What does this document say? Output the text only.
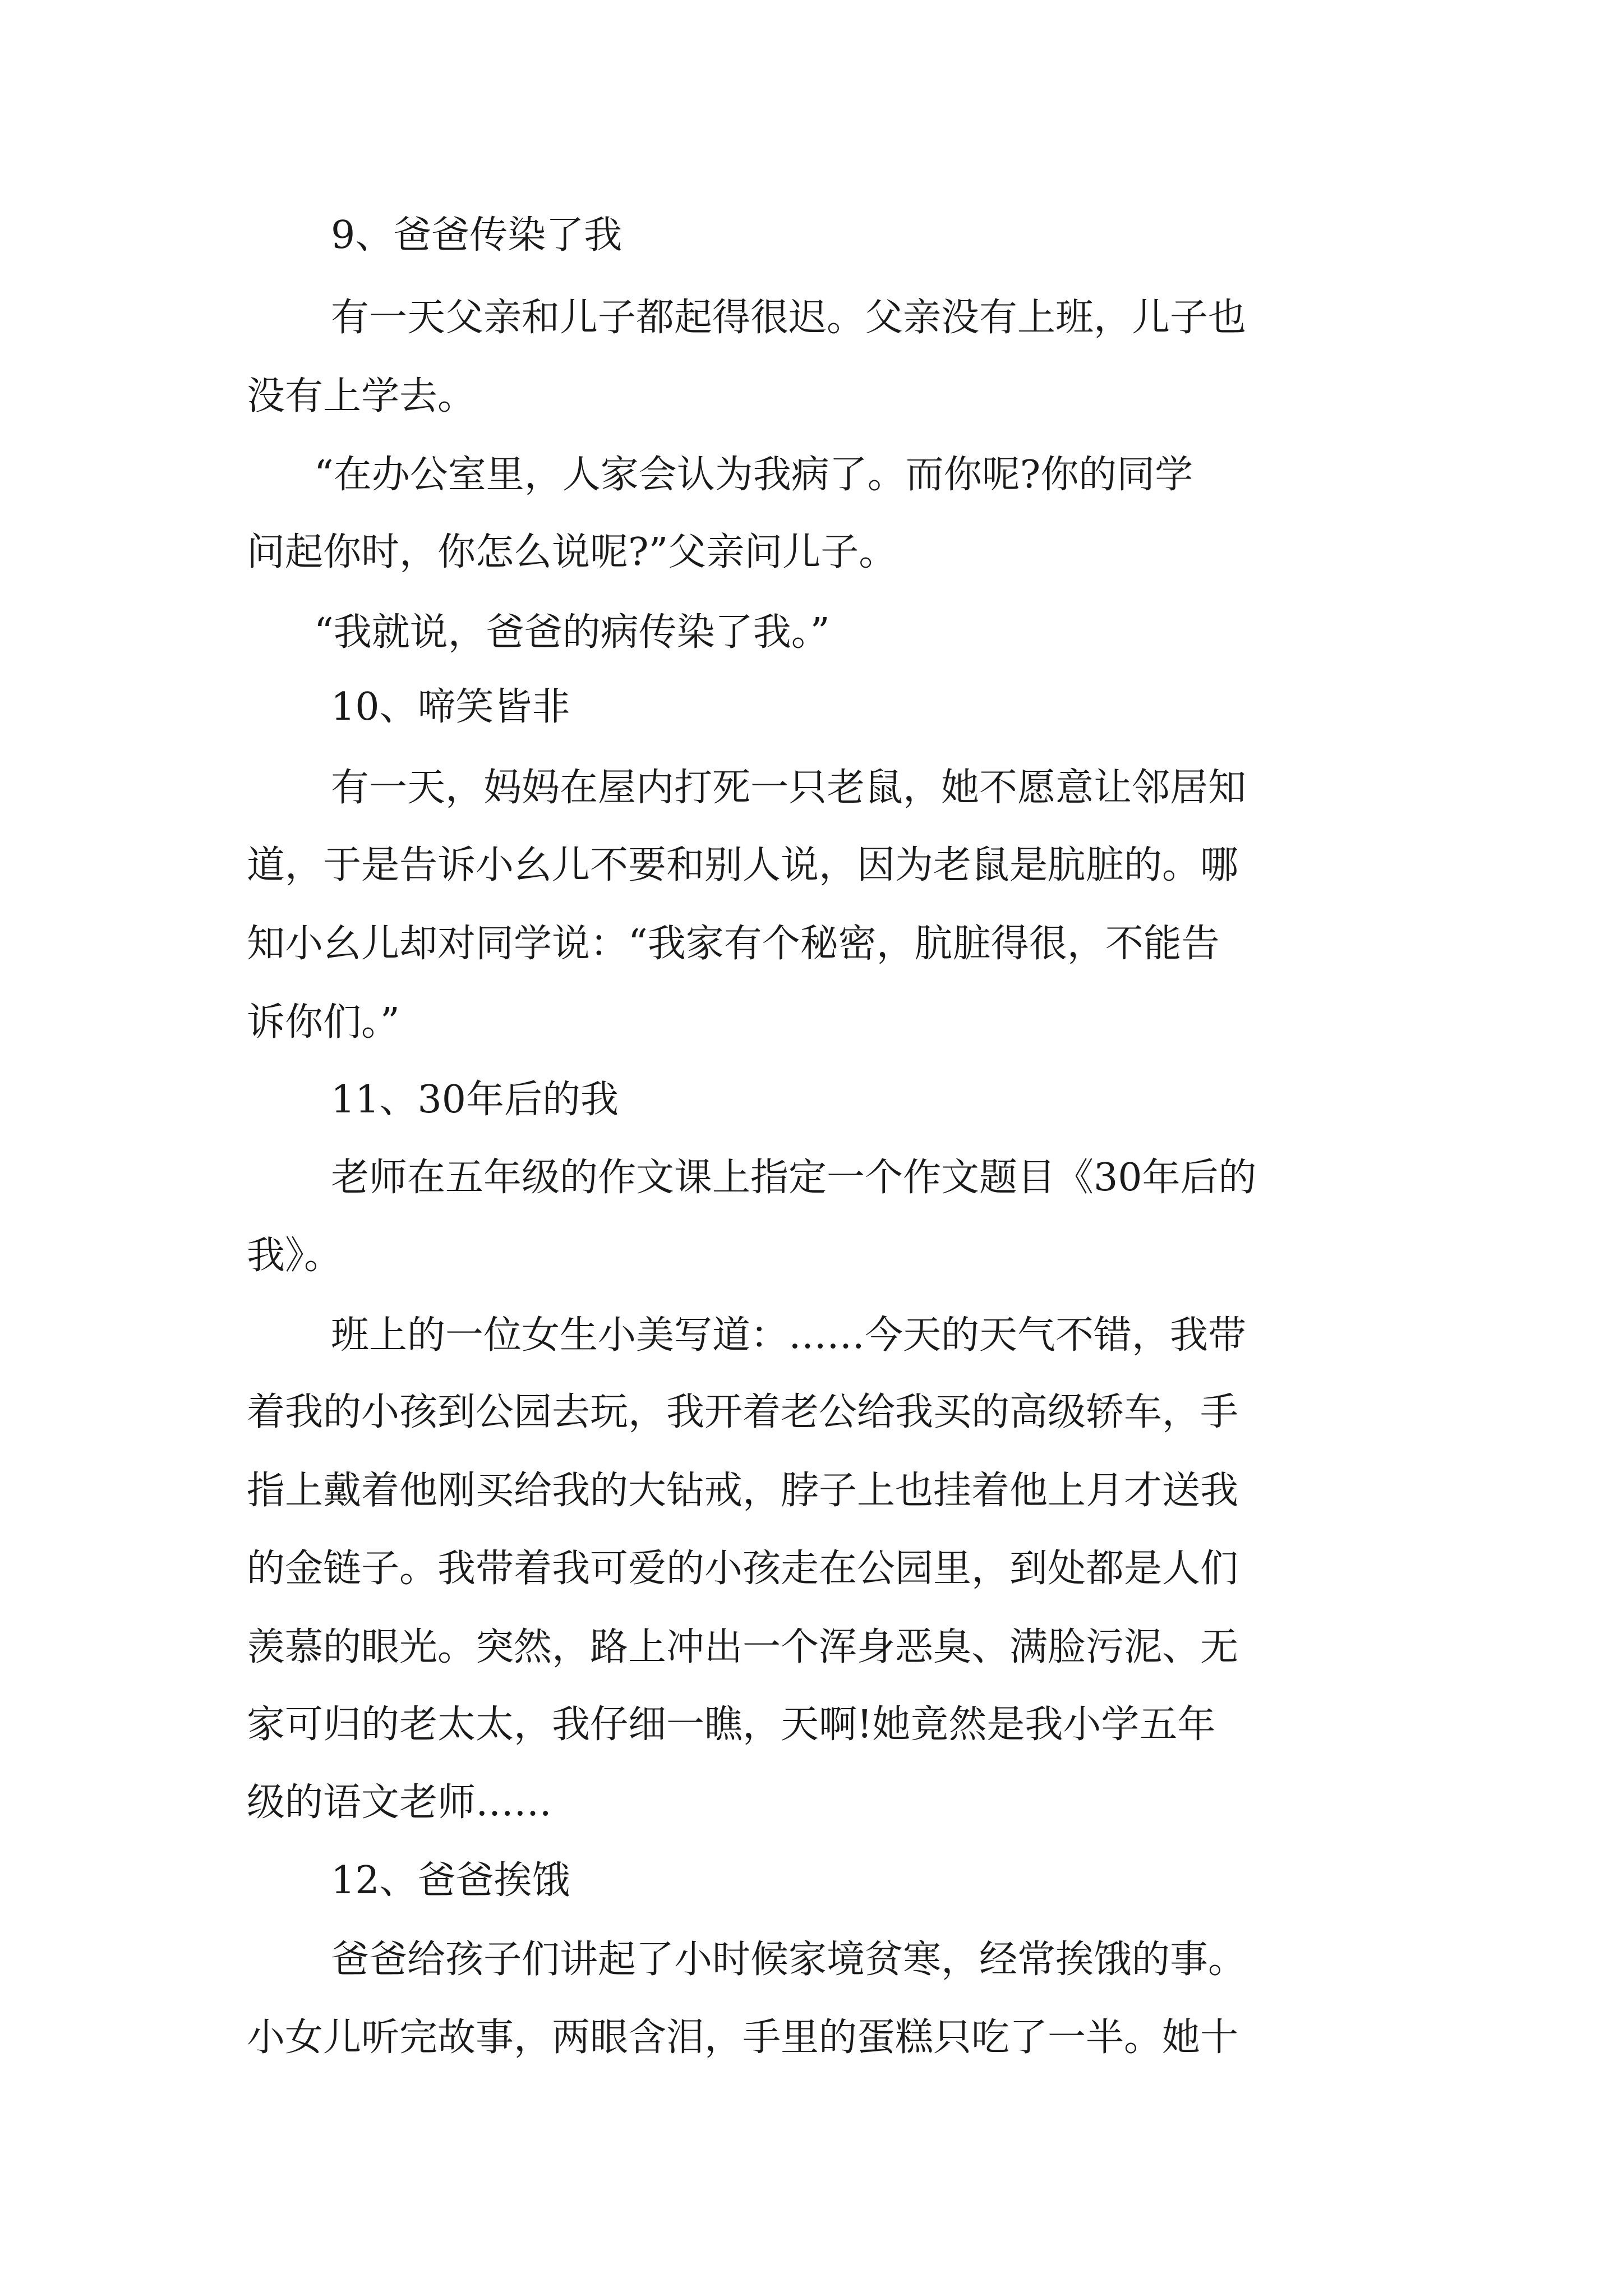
9、爸爸传染了我
有一天父亲和儿子都起得很迟。父亲没有上班，儿子也
没有上学去。
“在办公室里，人家会认为我病了。而你呢?你的同学
问起你时，你怎么说呢?”父亲问儿子。
“我就说，爸爸的病传染了我。”
10、啼笑皆非
有一天，妈妈在屋内打死一只老鼠，她不愿意让邻居知
道，于是告诉小幺儿不要和别人说，因为老鼠是肮脏的。哪
知小幺儿却对同学说：“我家有个秘密，肮脏得很，不能告
诉你们。”
11、30年后的我
老师在五年级的作文课上指定一个作文题目《30年后的
我》。
班上的一位女生小美写道：……今天的天气不错，我带
着我的小孩到公园去玩，我开着老公给我买的高级轿车，手
指上戴着他刚买给我的大钻戒，脖子上也挂着他上月才送我
的金链子。我带着我可爱的小孩走在公园里，到处都是人们
羡慕的眼光。突然，路上冲出一个浑身恶臭、满脸污泥、无
家可归的老太太，我仔细一瞧，天啊!她竟然是我小学五年
级的语文老师……
12、爸爸挨饿
爸爸给孩子们讲起了小时候家境贫寒，经常挨饿的事。
小女儿听完故事，两眼含泪，手里的蛋糕只吃了一半。她十
